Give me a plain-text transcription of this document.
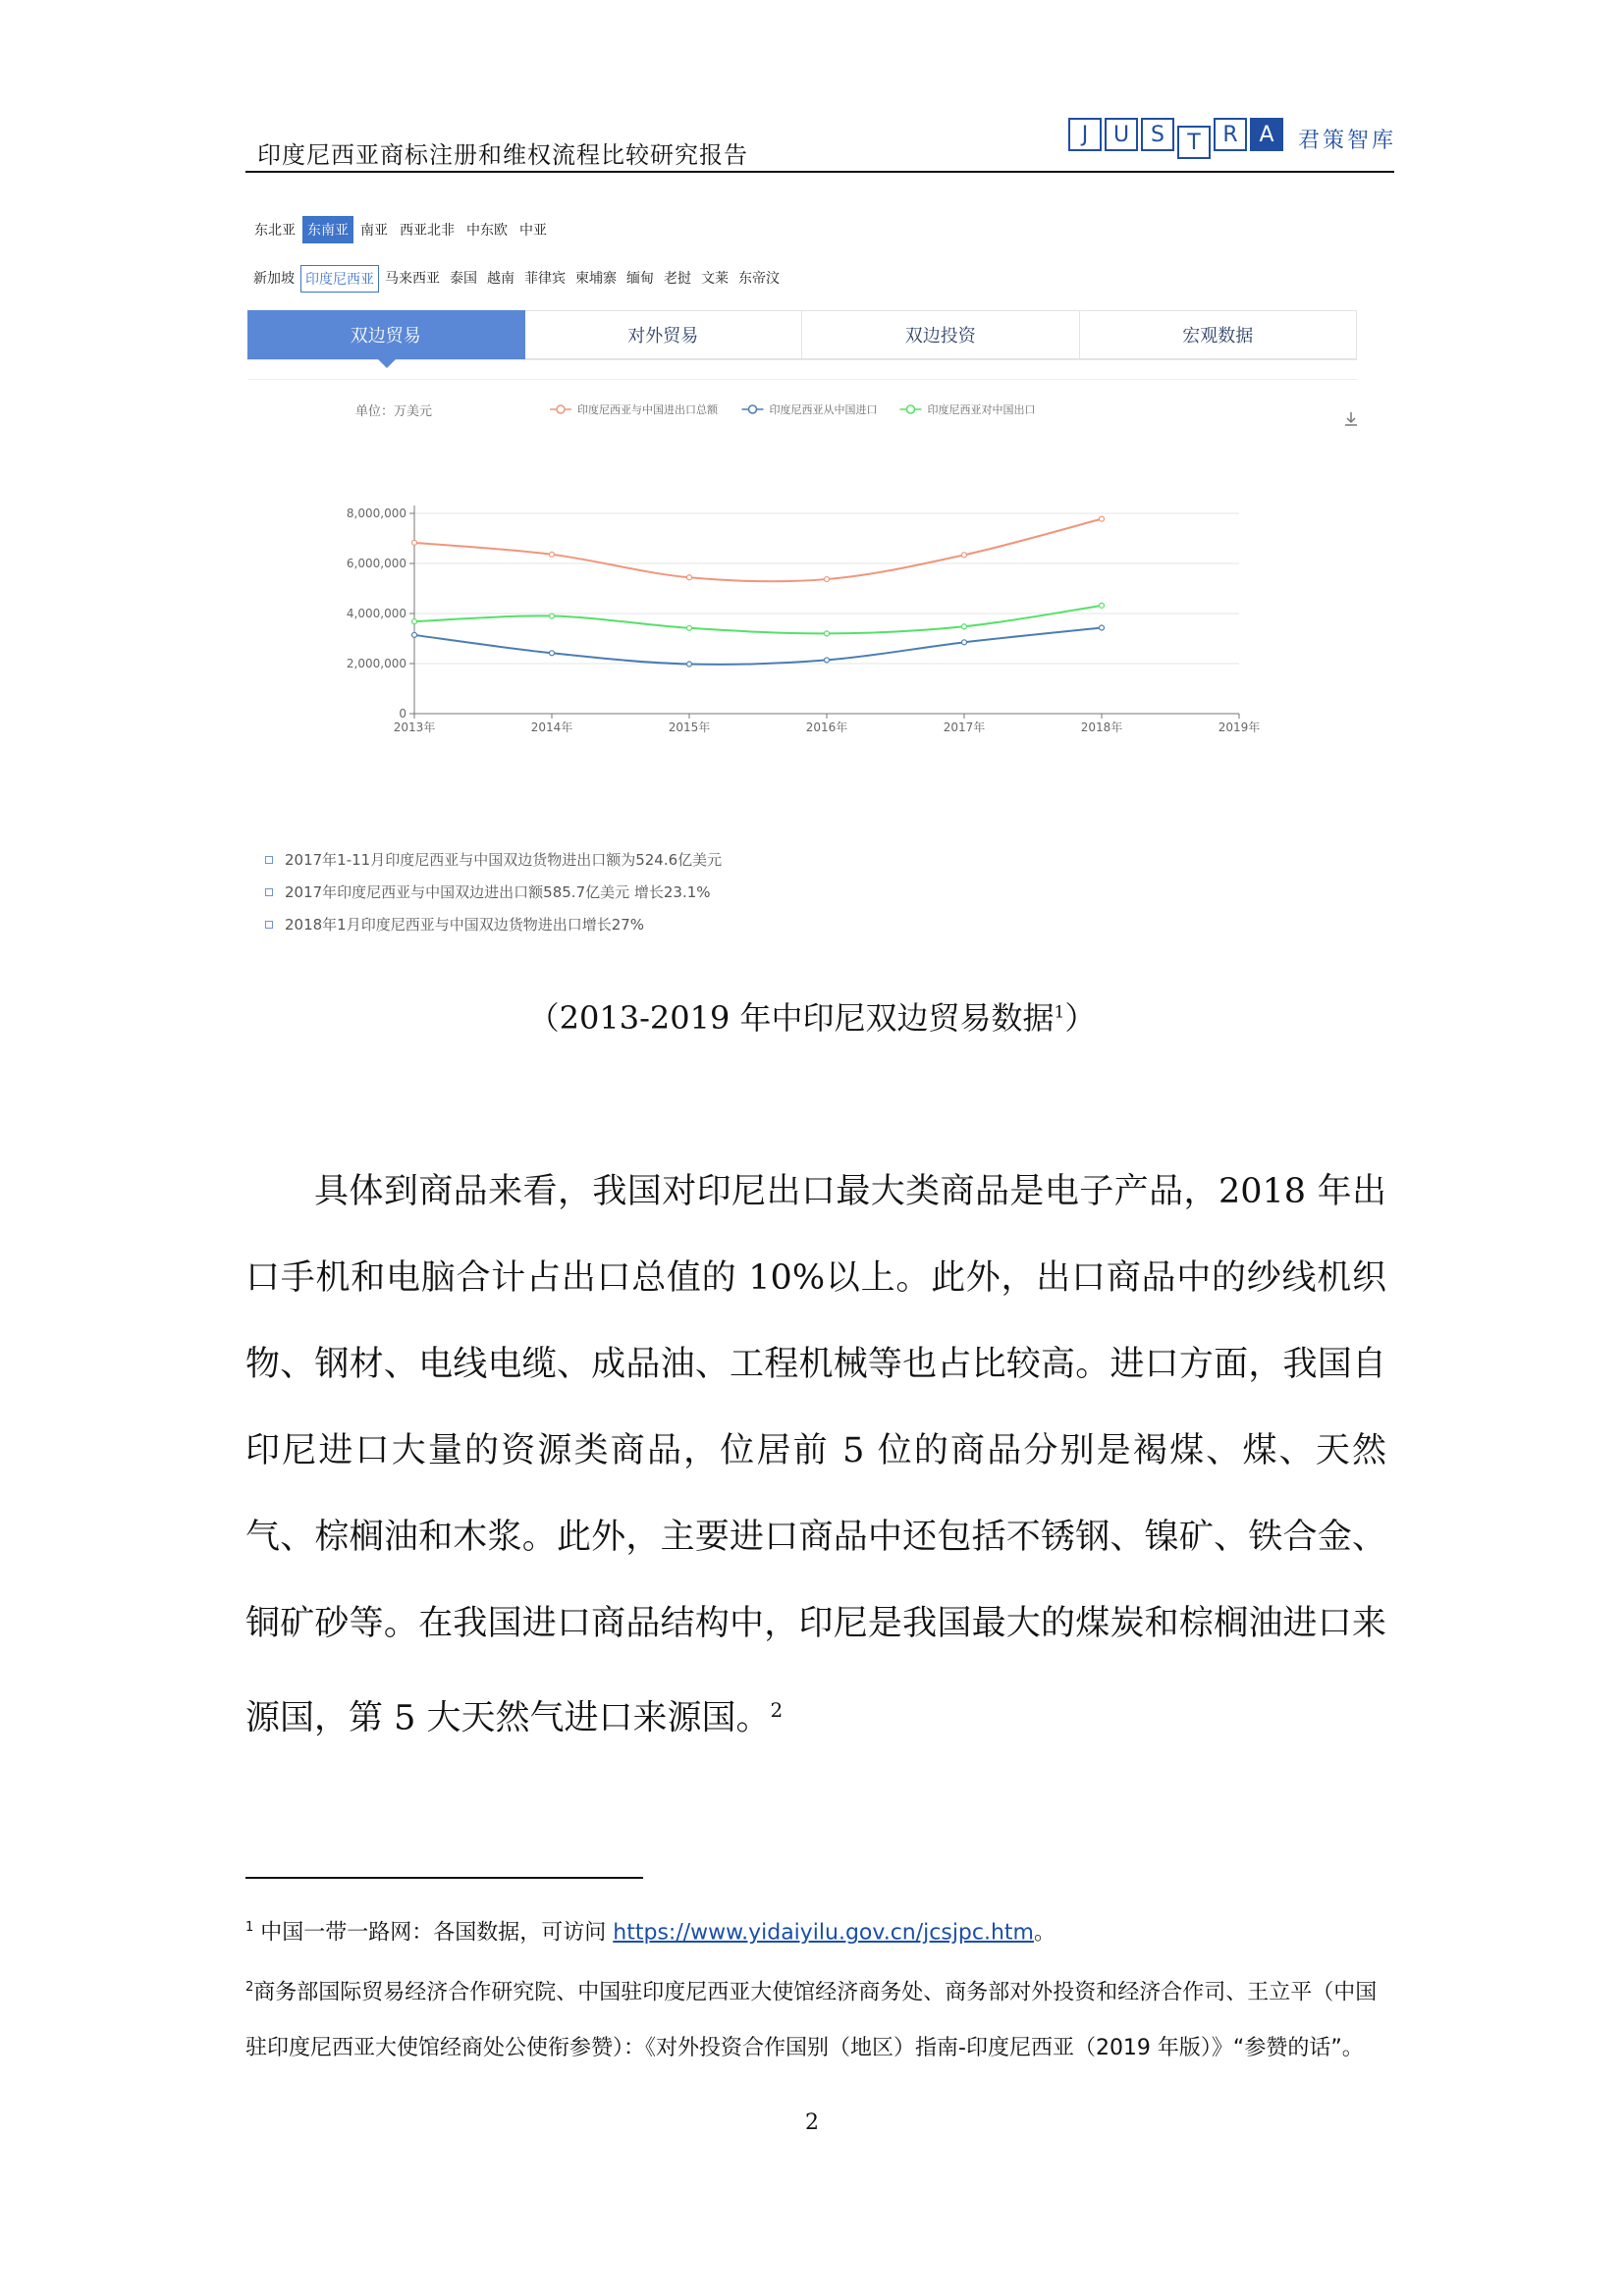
印度尼西亚商标注册和维权流程比较研究报告
J	U S	T	R A	君策智库
东北亚 东南亚 南亚 西亚北非 中东欧 中亚
新加坡 印度尼西亚 马来西亚 泰国 越南 菲律宾 柬埔寨 缅甸 老挝 文莱 东帝汶
双边贸易	对外贸易	双边投资	宏观数据
单位：万美元	印度尼西亚与中国进出口总额	印度尼西亚从中国进口	印度尼西亚对中国出口
0
2,000,000
4,000,000
6,000,000
8,000,000
2013年	2014年	2015年	2016年	2017年	2018年	2019年
2017年1-11月印度尼西亚与中国双边货物进出口额为524.6亿美元
2017年印度尼西亚与中国双边进出口额585.7亿美元 增长23.1%
2018年1月印度尼西亚与中国双边货物进出口增长27%
（2013-2019 年中印尼双边贸易数据$^1$）
具体到商品来看，我国对印尼出口最大类商品是电子产品，2018 年出口手机和电脑合计占出口总值的 10%以上。此外，出口商品中的纱线机织物、钢材、电线电缆、成品油、工程机械等也占比较高。进口方面，我国自印尼进口大量的资源类商品，位居前 5 位的商品分别是褐煤、煤、天然气、棕榈油和木浆。此外，主要进口商品中还包括不锈钢、镍矿、铁合金、铜矿砂等。在我国进口商品结构中，印尼是我国最大的煤炭和棕榈油进口来源国，第 5 大天然气进口来源国。$^2$
$^1$ 中国一带一路网：各国数据，可访问 https://www.yidaiyilu.gov.cn/jcsjpc.htm。
$^2$商务部国际贸易经济合作研究院、中国驻印度尼西亚大使馆经济商务处、商务部对外投资和经济合作司、王立平（中国驻印度尼西亚大使馆经商处公使衔参赞）：《对外投资合作国别（地区）指南-印度尼西亚（2019 年版）》“参赞的话”。
2
